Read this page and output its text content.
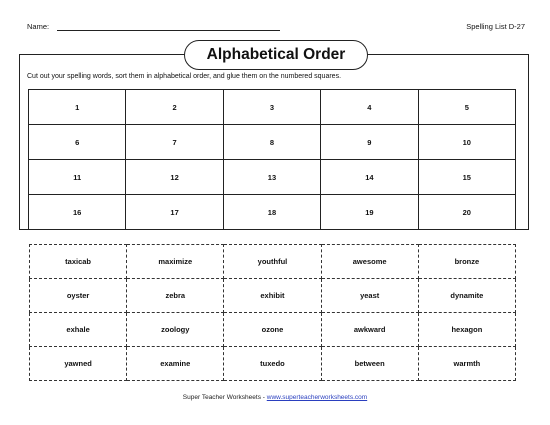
Name:	Spelling List D-27
Alphabetical Order
Cut out your spelling words, sort them in alphabetical order, and glue them on the numbered squares.
1	2	3	4	5
6	7	8	9	10
11	12	13	14	15
16	17	18	19	20
taxicab	maximize	youthful	awesome	bronze
oyster	zebra	exhibit	yeast	dynamite
exhale	zoology	ozone	awkward	hexagon
yawned	examine	tuxedo	between	warmth
Super Teacher Worksheets - www.superteacherworksheets.com
